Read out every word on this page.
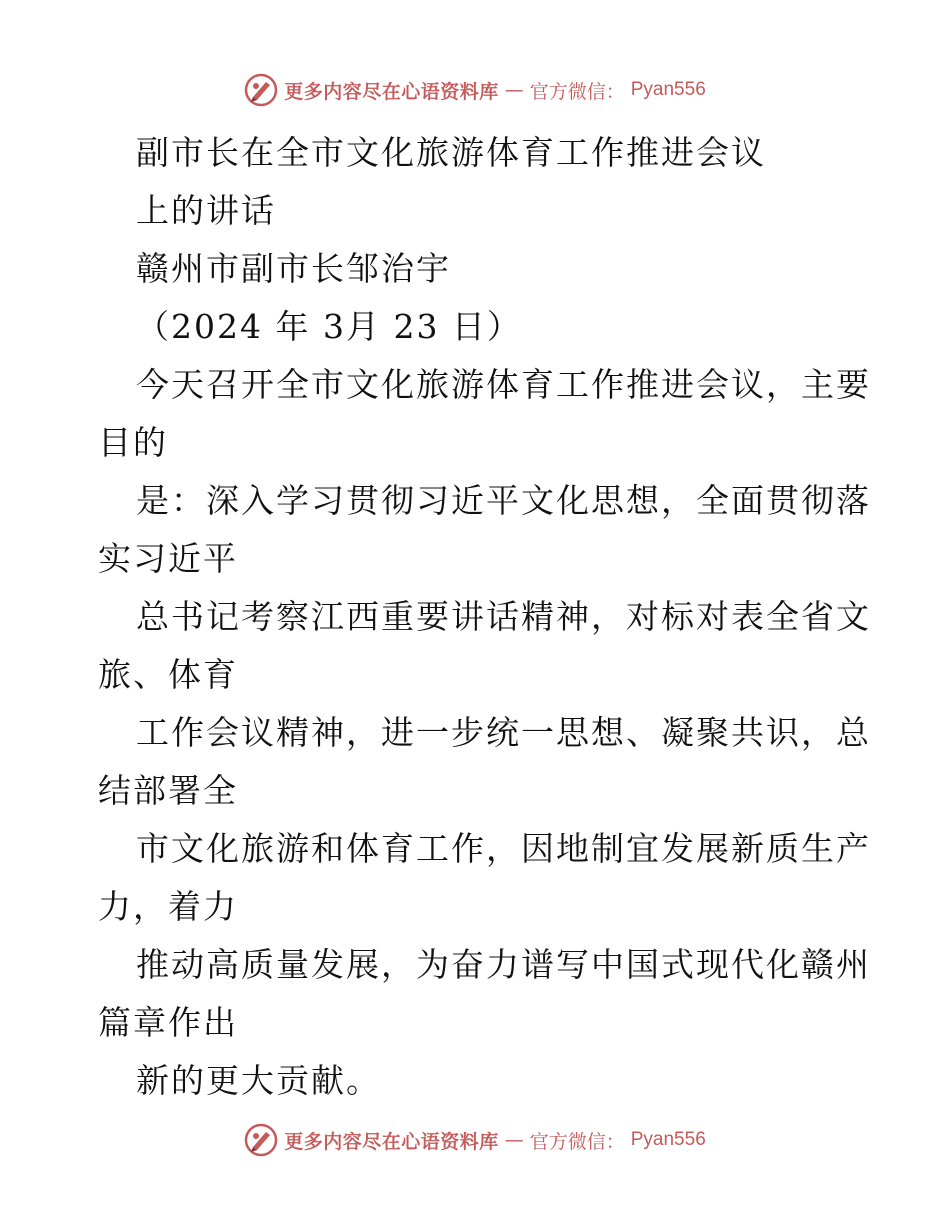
更多内容尽在心语资料库 — 官方微信： Pyan556
副市长在全市文化旅游体育工作推进会议
上的讲话
赣州市副市长邹治宇
（2024 年 3月 23 日）
今天召开全市文化旅游体育工作推进会议，主要
目的
是：深入学习贯彻习近平文化思想，全面贯彻落
实习近平
总书记考察江西重要讲话精神，对标对表全省文
旅、体育
工作会议精神，进一步统一思想、凝聚共识，总
结部署全
市文化旅游和体育工作，因地制宜发展新质生产
力，着力
推动高质量发展，为奋力谱写中国式现代化赣州
篇章作出
新的更大贡献。
更多内容尽在心语资料库 — 官方微信： Pyan556
